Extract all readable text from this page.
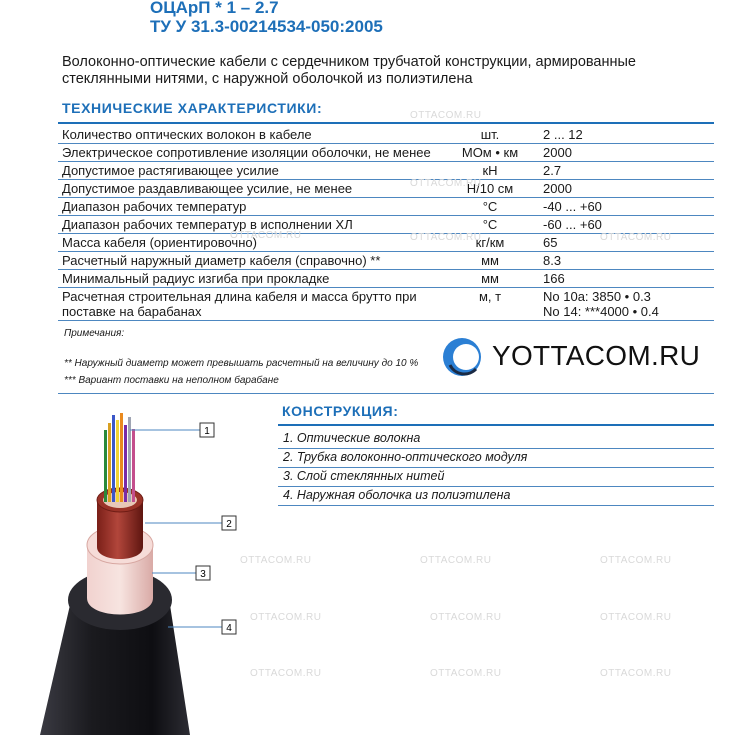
ОЦАрП * 1 – 2.7
ТУ У 31.3-00214534-050:2005
Волоконно-оптические кабели с сердечником трубчатой конструкции, армированные стеклянными нитями, с наружной оболочкой из полиэтилена
ТЕХНИЧЕСКИЕ ХАРАКТЕРИСТИКИ:
Количество оптических волокон в кабеле	шт.	2 ... 12
Электрическое сопротивление изоляции оболочки, не менее	МОм • км	2000
Допустимое растягивающее усилие	кН	2.7
Допустимое раздавливающее усилие, не менее	Н/10 см	2000
Диапазон рабочих температур	°С	-40 ... +60
Диапазон рабочих температур в исполнении ХЛ	°С	-60 ... +60
Масса кабеля (ориентировочно)	кг/км	65
Расчетный наружный диаметр кабеля (справочно) **	мм	8.3
Минимальный радиус изгиба при прокладке	мм	166
Расчетная строительная длина кабеля и масса брутто при поставке на барабанах	м, т	No 10а: 3850 • 0.3
No 14: ***4000 • 0.4
Примечания:
** Наружный диаметр может превышать расчетный на величину до 10 %
*** Вариант поставки на неполном барабане
YOTTACOM.RU
OTTACOM.RU
OTTACOM.RU
OTTACOM.RU	OTTACOM.RU	OTTACOM.RU
OTTACOM.RU	OTTACOM.RU	OTTACOM.RU
OTTACOM.RU	OTTACOM.RU	OTTACOM.RU
OTTACOM.RU	OTTACOM.RU	OTTACOM.RU
КОНСТРУКЦИЯ:
1. Оптические волокна
2. Трубка волоконно-оптического модуля
3. Слой стеклянных нитей
4. Наружная оболочка из полиэтилена
1
2
3
4
